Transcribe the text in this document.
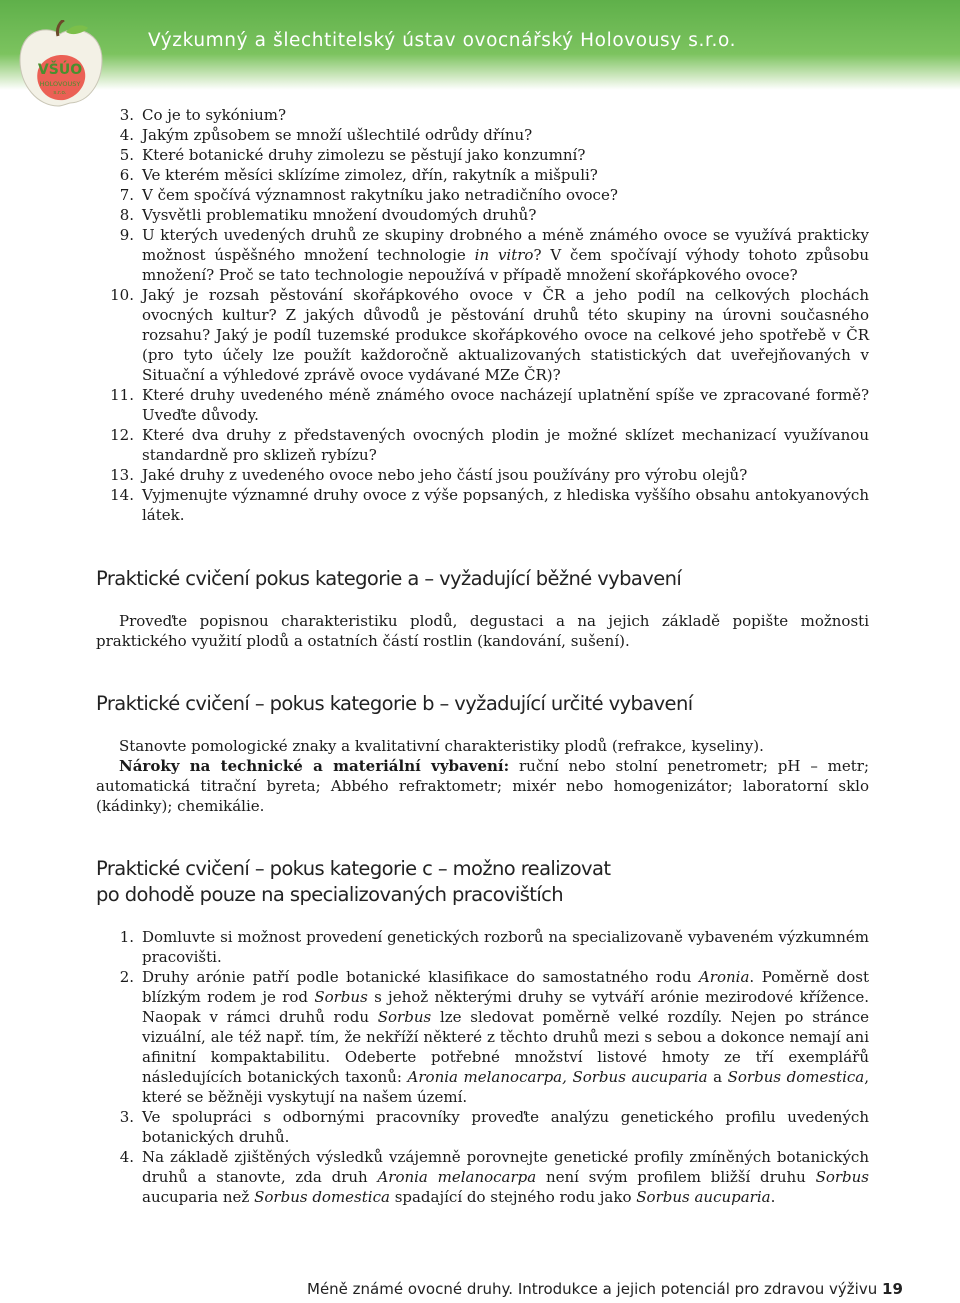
Výzkumný a šlechtitelský ústav ovocnářský Holovousy s.r.o.
VŠÚO
HOLOVOUSY
s.r.o.
3. Co je to sykónium?
4. Jakým způsobem se množí ušlechtilé odrůdy dřínu?
5. Které botanické druhy zimolezu se pěstují jako konzumní?
6. Ve kterém měsíci sklízíme zimolez, dřín, rakytník a mišpuli?
7. V čem spočívá významnost rakytníku jako netradičního ovoce?
8. Vysvětli problematiku množení dvoudomých druhů?
9. U kterých uvedených druhů ze skupiny drobného a méně známého ovoce se využívá prakticky možnost úspěšného množení technologie in vitro? V čem spočívají výhody tohoto způsobu množení? Proč se tato technologie nepoužívá v případě množení skořápkového ovoce?
10. Jaký je rozsah pěstování skořápkového ovoce v ČR a jeho podíl na celkových plochách ovocných kultur? Z jakých důvodů je pěstování druhů této skupiny na úrovni současného rozsahu? Jaký je podíl tuzemské produkce skořápkového ovoce na celkové jeho spotřebě v ČR (pro tyto účely lze použít každoročně aktualizovaných statistických dat uveřejňovaných v Situační a výhledové zprávě ovoce vydávané MZe ČR)?
11. Které druhy uvedeného méně známého ovoce nacházejí uplatnění spíše ve zpracované formě? Uveďte důvody.
12. Které dva druhy z představených ovocných plodin je možné sklízet mechanizací využívanou standardně pro sklizeň rybízu?
13. Jaké druhy z uvedeného ovoce nebo jeho částí jsou používány pro výrobu olejů?
14. Vyjmenujte významné druhy ovoce z výše popsaných, z hlediska vyššího obsahu antokyanových látek.
Praktické cvičení pokus kategorie a – vyžadující běžné vybavení
Proveďte popisnou charakteristiku plodů, degustaci a na jejich základě popište možnosti praktického využití plodů a ostatních částí rostlin (kandování, sušení).
Praktické cvičení – pokus kategorie b – vyžadující určité vybavení
Stanovte pomologické znaky a kvalitativní charakteristiky plodů (refrakce, kyseliny).
Nároky na technické a materiální vybavení: ruční nebo stolní penetrometr; pH – metr; automatická titrační byreta; Abbého refraktometr; mixér nebo homogenizátor; laboratorní sklo (kádinky); chemikálie.
Praktické cvičení – pokus kategorie c – možno realizovat
po dohodě pouze na specializovaných pracovištích
1. Domluvte si možnost provedení genetických rozborů na specializovaně vybaveném výzkumném pracovišti.
2. Druhy arónie patří podle botanické klasifikace do samostatného rodu Aronia. Poměrně dost blízkým rodem je rod Sorbus s jehož některými druhy se vytváří arónie mezirodové křížence. Naopak v rámci druhů rodu Sorbus lze sledovat poměrně velké rozdíly. Nejen po stránce vizuální, ale též např. tím, že nekříží některé z těchto druhů mezi s sebou a dokonce nemají ani afinitní kompaktabilitu. Odeberte potřebné množství listové hmoty ze tří exemplářů následujících botanických taxonů: Aronia melanocarpa, Sorbus aucuparia a Sorbus domestica, které se běžněji vyskytují na našem území.
3. Ve spolupráci s odbornými pracovníky proveďte analýzu genetického profilu uvedených botanických druhů.
4. Na základě zjištěných výsledků vzájemně porovnejte genetické profily zmíněných botanických druhů a stanovte, zda druh Aronia melanocarpa není svým profilem bližší druhu Sorbus aucuparia než Sorbus domestica spadající do stejného rodu jako Sorbus aucuparia.
Méně známé ovocné druhy. Introdukce a jejich potenciál pro zdravou výživu 19
